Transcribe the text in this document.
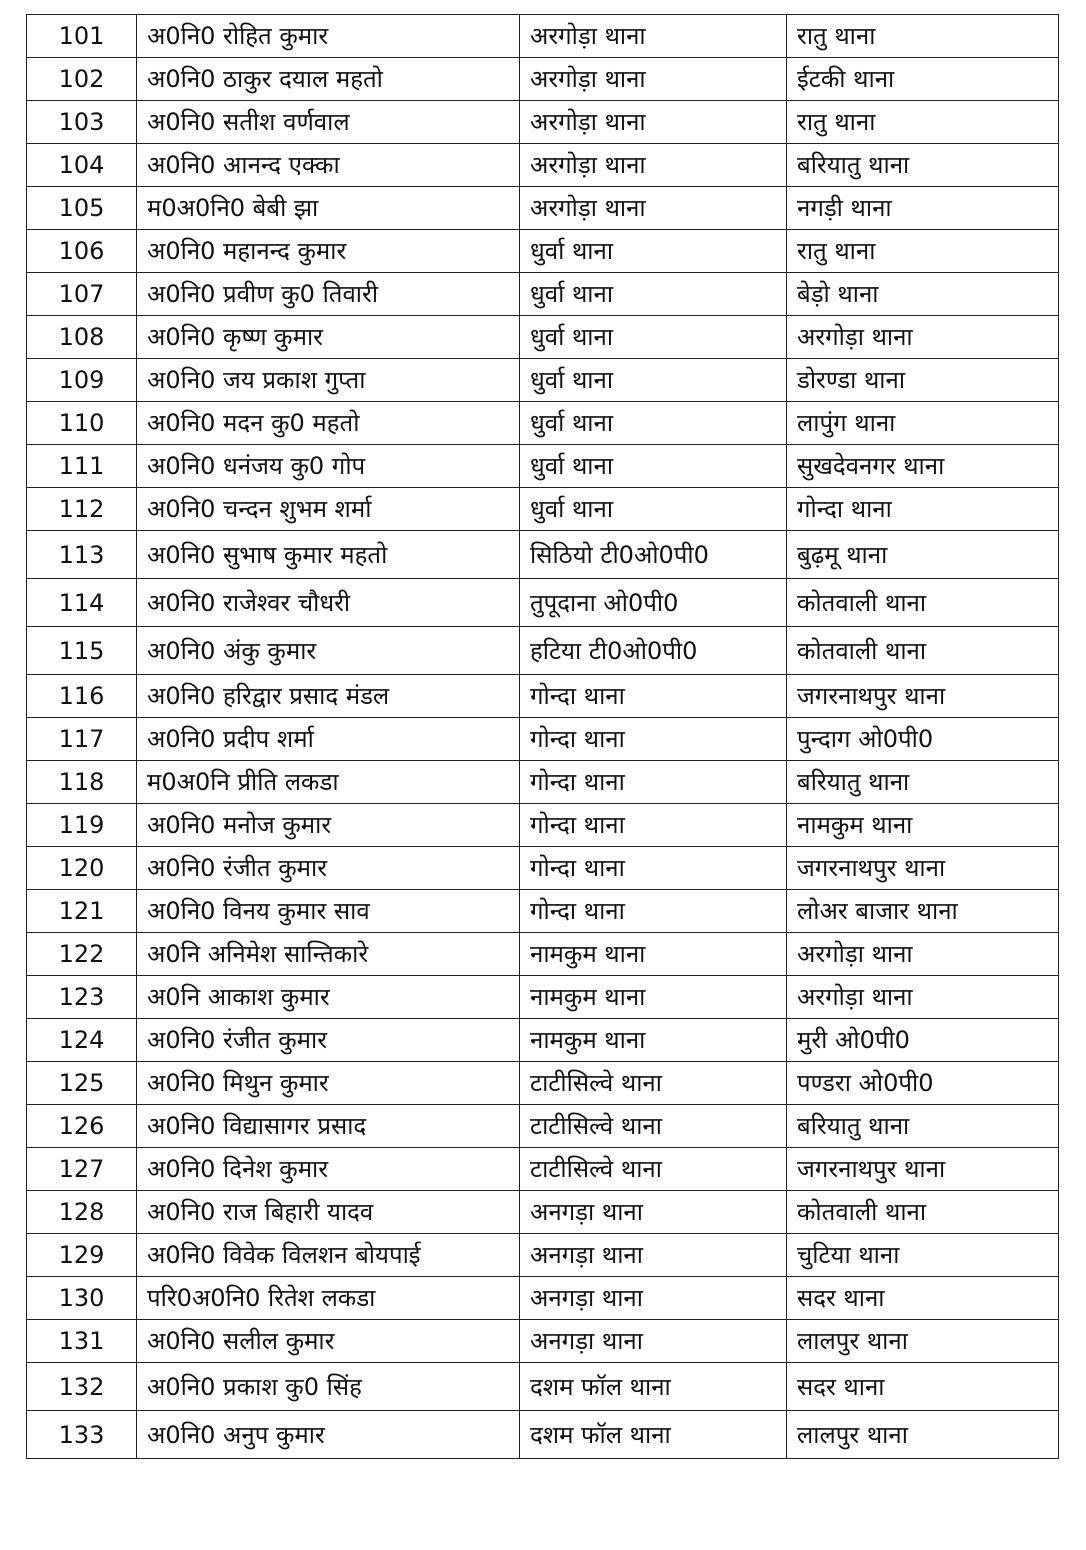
101	अ0नि0 रोहित कुमार	अरगोड़ा थाना	रातु थाना
102	अ0नि0 ठाकुर दयाल महतो	अरगोड़ा थाना	ईटकी थाना
103	अ0नि0 सतीश वर्णवाल	अरगोड़ा थाना	रातु थाना
104	अ0नि0 आनन्द एक्का	अरगोड़ा थाना	बरियातु थाना
105	म0अ0नि0 बेबी झा	अरगोड़ा थाना	नगड़ी थाना
106	अ0नि0 महानन्द कुमार	धुर्वा थाना	रातु थाना
107	अ0नि0 प्रवीण कु0 तिवारी	धुर्वा थाना	बेड़ो थाना
108	अ0नि0 कृष्ण कुमार	धुर्वा थाना	अरगोड़ा थाना
109	अ0नि0 जय प्रकाश गुप्ता	धुर्वा थाना	डोरण्डा थाना
110	अ0नि0 मदन कु0 महतो	धुर्वा थाना	लापुंग थाना
111	अ0नि0 धनंजय कु0 गोप	धुर्वा थाना	सुखदेवनगर थाना
112	अ0नि0 चन्दन शुभम शर्मा	धुर्वा थाना	गोन्दा थाना
113	अ0नि0 सुभाष कुमार महतो	सिठियो टी0ओ0पी0	बुढ़मू थाना
114	अ0नि0 राजेश्वर चौधरी	तुपूदाना ओ0पी0	कोतवाली थाना
115	अ0नि0 अंकु कुमार	हटिया टी0ओ0पी0	कोतवाली थाना
116	अ0नि0 हरिद्वार प्रसाद मंडल	गोन्दा थाना	जगरनाथपुर थाना
117	अ0नि0 प्रदीप शर्मा	गोन्दा थाना	पुन्दाग ओ0पी0
118	म0अ0नि प्रीति लकडा	गोन्दा थाना	बरियातु थाना
119	अ0नि0 मनोज कुमार	गोन्दा थाना	नामकुम थाना
120	अ0नि0 रंजीत कुमार	गोन्दा थाना	जगरनाथपुर थाना
121	अ0नि0 विनय कुमार साव	गोन्दा थाना	लोअर बाजार थाना
122	अ0नि अनिमेश सान्तिकारे	नामकुम थाना	अरगोड़ा थाना
123	अ0नि आकाश कुमार	नामकुम थाना	अरगोड़ा थाना
124	अ0नि0 रंजीत कुमार	नामकुम थाना	मुरी ओ0पी0
125	अ0नि0 मिथुन कुमार	टाटीसिल्वे थाना	पण्डरा ओ0पी0
126	अ0नि0 विद्यासागर प्रसाद	टाटीसिल्वे थाना	बरियातु थाना
127	अ0नि0 दिनेश कुमार	टाटीसिल्वे थाना	जगरनाथपुर थाना
128	अ0नि0 राज बिहारी यादव	अनगड़ा थाना	कोतवाली थाना
129	अ0नि0 विवेक विलशन बोयपाई	अनगड़ा थाना	चुटिया थाना
130	परि0अ0नि0 रितेश लकडा	अनगड़ा थाना	सदर थाना
131	अ0नि0 सलील कुमार	अनगड़ा थाना	लालपुर थाना
132	अ0नि0 प्रकाश कु0 सिंह	दशम फॉल थाना	सदर थाना
133	अ0नि0 अनुप कुमार	दशम फॉल थाना	लालपुर थाना
